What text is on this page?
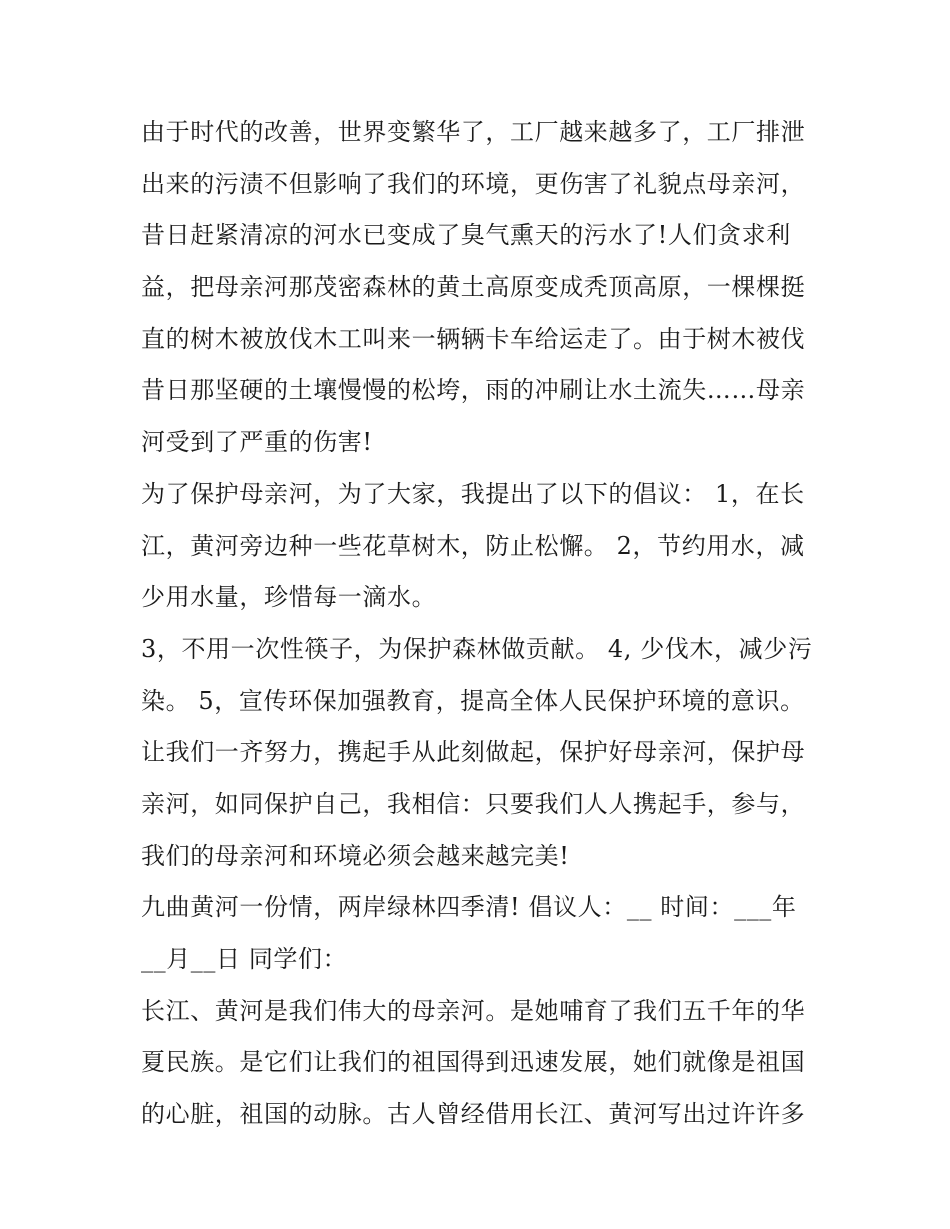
由于时代的改善，世界变繁华了，工厂越来越多了，工厂排泄
出来的污渍不但影响了我们的环境，更伤害了礼貌点母亲河，
昔日赶紧清凉的河水已变成了臭气熏天的污水了!人们贪求利
益，把母亲河那茂密森林的黄土高原变成秃顶高原，一棵棵挺
直的树木被放伐木工叫来一辆辆卡车给运走了。由于树木被伐
昔日那坚硬的土壤慢慢的松垮，雨的冲刷让水土流失……母亲
河受到了严重的伤害!
为了保护母亲河，为了大家，我提出了以下的倡议： 1，在长
江，黄河旁边种一些花草树木，防止松懈。 2，节约用水，减
少用水量，珍惜每一滴水。
3，不用一次性筷子，为保护森林做贡献。 4, 少伐木，减少污
染。 5，宣传环保加强教育，提高全体人民保护环境的意识。
让我们一齐努力，携起手从此刻做起，保护好母亲河，保护母
亲河，如同保护自己，我相信：只要我们人人携起手，参与，
我们的母亲河和环境必须会越来越完美!
九曲黄河一份情，两岸绿林四季清! 倡议人：__ 时间：___年
__月__日 同学们：
长江、黄河是我们伟大的母亲河。是她哺育了我们五千年的华
夏民族。是它们让我们的祖国得到迅速发展，她们就像是祖国
的心脏，祖国的动脉。古人曾经借用长江、黄河写出过许许多
